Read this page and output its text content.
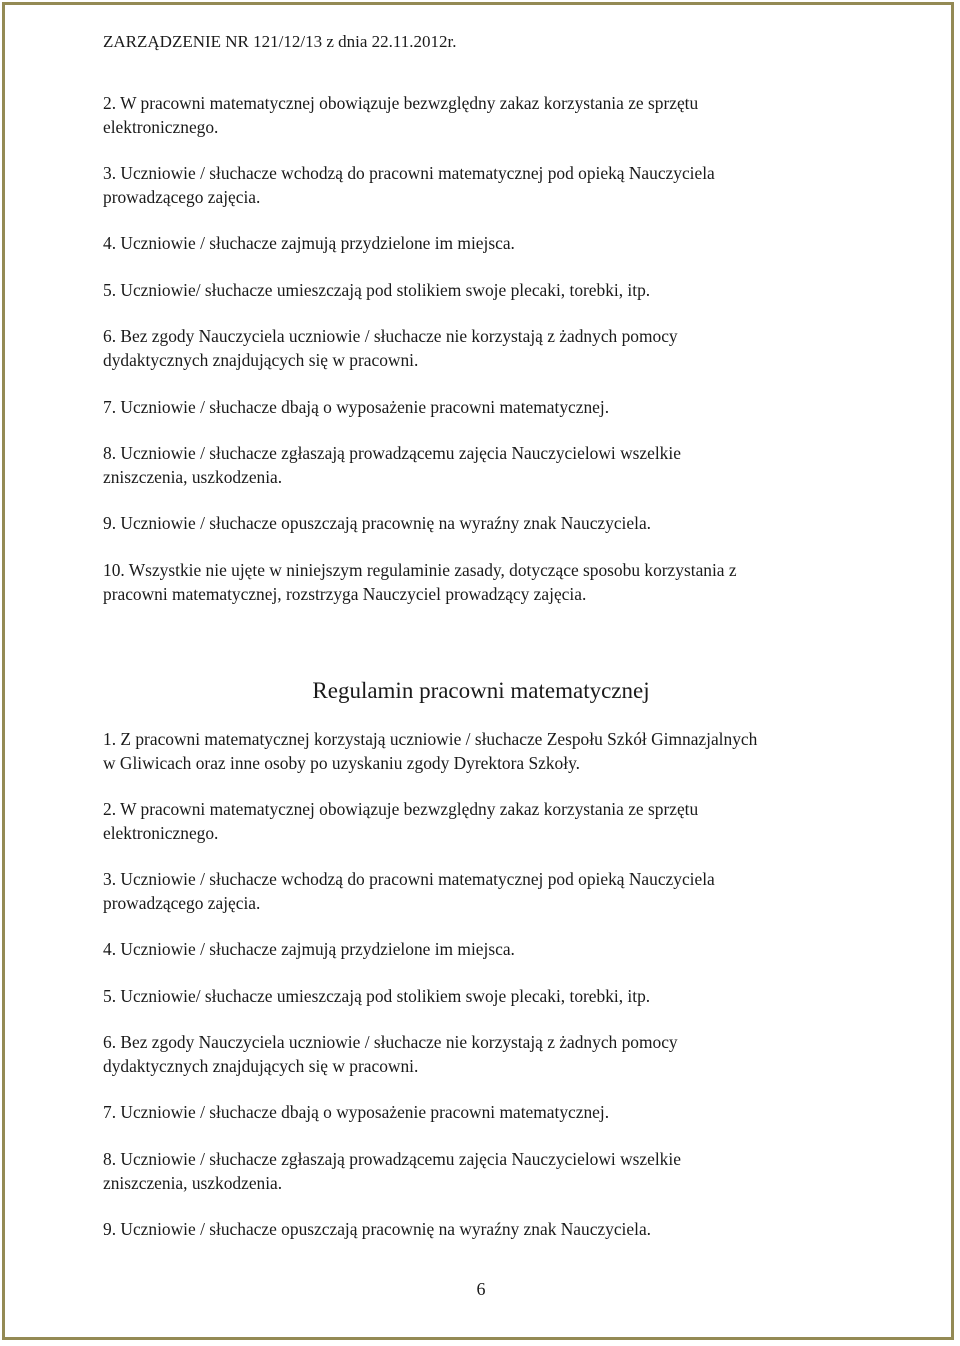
ZARZĄDZENIE NR 121/12/13 z dnia 22.11.2012r.

2. W pracowni matematycznej obowiązuje bezwzględny zakaz korzystania ze sprzętu
elektronicznego.

3. Uczniowie / słuchacze wchodzą do pracowni matematycznej pod opieką Nauczyciela
prowadzącego zajęcia.

4. Uczniowie / słuchacze zajmują przydzielone im miejsca.

5. Uczniowie/ słuchacze umieszczają pod stolikiem swoje plecaki, torebki, itp.

6. Bez zgody Nauczyciela uczniowie / słuchacze nie korzystają z żadnych pomocy
dydaktycznych znajdujących się w pracowni.

7. Uczniowie / słuchacze dbają o wyposażenie pracowni matematycznej.

8. Uczniowie / słuchacze zgłaszają prowadzącemu zajęcia Nauczycielowi wszelkie
zniszczenia, uszkodzenia.

9. Uczniowie / słuchacze opuszczają pracownię na wyraźny znak Nauczyciela.

10. Wszystkie nie ujęte w niniejszym regulaminie zasady, dotyczące sposobu korzystania z
pracowni matematycznej, rozstrzyga Nauczyciel prowadzący zajęcia.

Regulamin pracowni matematycznej

1. Z pracowni matematycznej korzystają uczniowie / słuchacze Zespołu Szkół Gimnazjalnych
w Gliwicach oraz inne osoby po uzyskaniu zgody Dyrektora Szkoły.

2. W pracowni matematycznej obowiązuje bezwzględny zakaz korzystania ze sprzętu
elektronicznego.

3. Uczniowie / słuchacze wchodzą do pracowni matematycznej pod opieką Nauczyciela
prowadzącego zajęcia.

4. Uczniowie / słuchacze zajmują przydzielone im miejsca.

5. Uczniowie/ słuchacze umieszczają pod stolikiem swoje plecaki, torebki, itp.

6. Bez zgody Nauczyciela uczniowie / słuchacze nie korzystają z żadnych pomocy
dydaktycznych znajdujących się w pracowni.

7. Uczniowie / słuchacze dbają o wyposażenie pracowni matematycznej.

8. Uczniowie / słuchacze zgłaszają prowadzącemu zajęcia Nauczycielowi wszelkie
zniszczenia, uszkodzenia.

9. Uczniowie / słuchacze opuszczają pracownię na wyraźny znak Nauczyciela.

6
